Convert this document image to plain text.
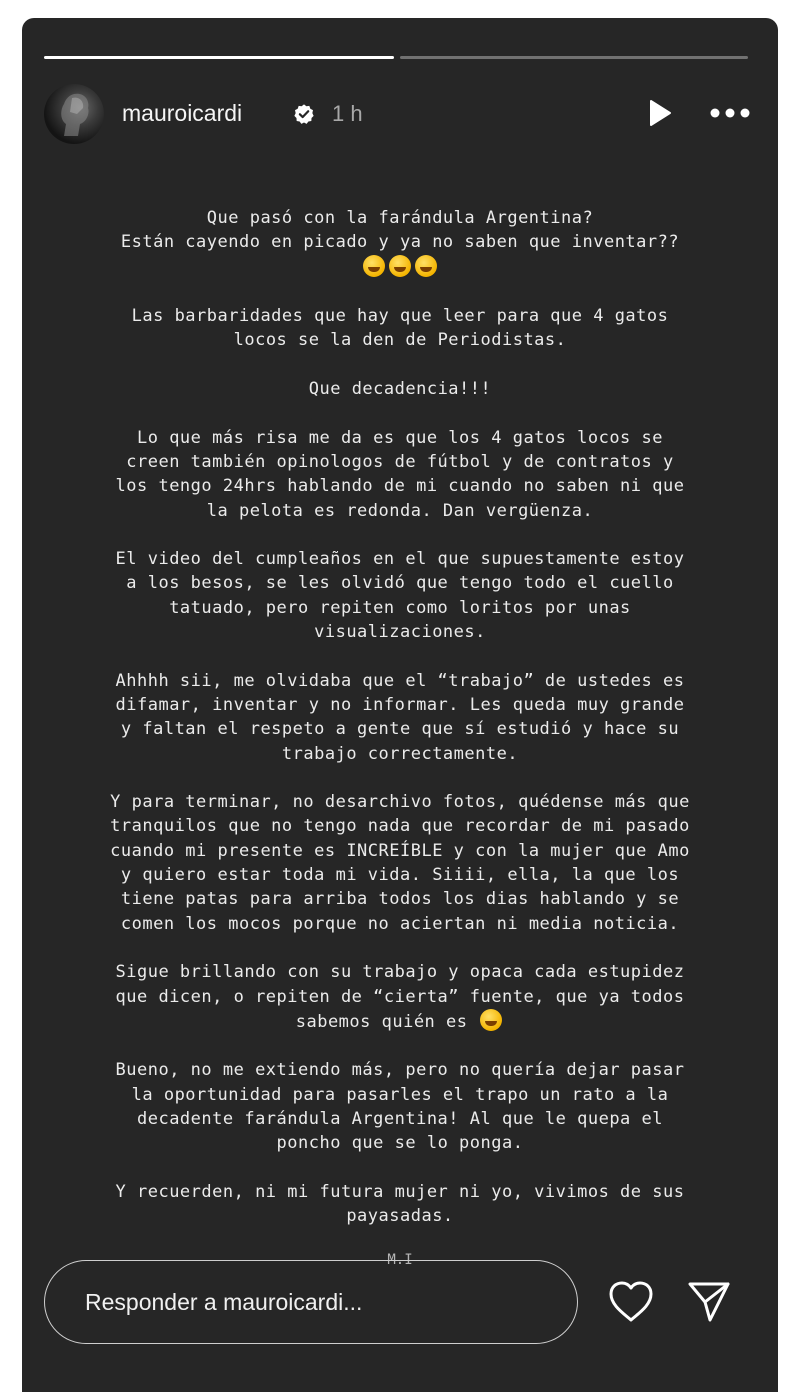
mauroicardi	1 h
Que pasó con la farándula Argentina?
Están cayendo en picado y ya no saben que inventar??
Las barbaridades que hay que leer para que 4 gatos
locos se la den de Periodistas.
Que decadencia!!!
Lo que más risa me da es que los 4 gatos locos se
creen también opinologos de fútbol y de contratos y
los tengo 24hrs hablando de mi cuando no saben ni que
la pelota es redonda. Dan vergüenza.
El video del cumpleaños en el que supuestamente estoy
a los besos, se les olvidó que tengo todo el cuello
tatuado, pero repiten como loritos por unas
visualizaciones.
Ahhhh sii, me olvidaba que el “trabajo” de ustedes es
difamar, inventar y no informar. Les queda muy grande
y faltan el respeto a gente que sí estudió y hace su
trabajo correctamente.
Y para terminar, no desarchivo fotos, quédense más que
tranquilos que no tengo nada que recordar de mi pasado
cuando mi presente es INCREÍBLE y con la mujer que Amo
y quiero estar toda mi vida. Siiii, ella, la que los
tiene patas para arriba todos los dias hablando y se
comen los mocos porque no aciertan ni media noticia.
Sigue brillando con su trabajo y opaca cada estupidez
que dicen, o repiten de “cierta” fuente, que ya todos
sabemos quién es
Bueno, no me extiendo más, pero no quería dejar pasar
la oportunidad para pasarles el trapo un rato a la
decadente farándula Argentina! Al que le quepa el
poncho que se lo ponga.
Y recuerden, ni mi futura mujer ni yo, vivimos de sus
payasadas.
M.I
Responder a mauroicardi...
